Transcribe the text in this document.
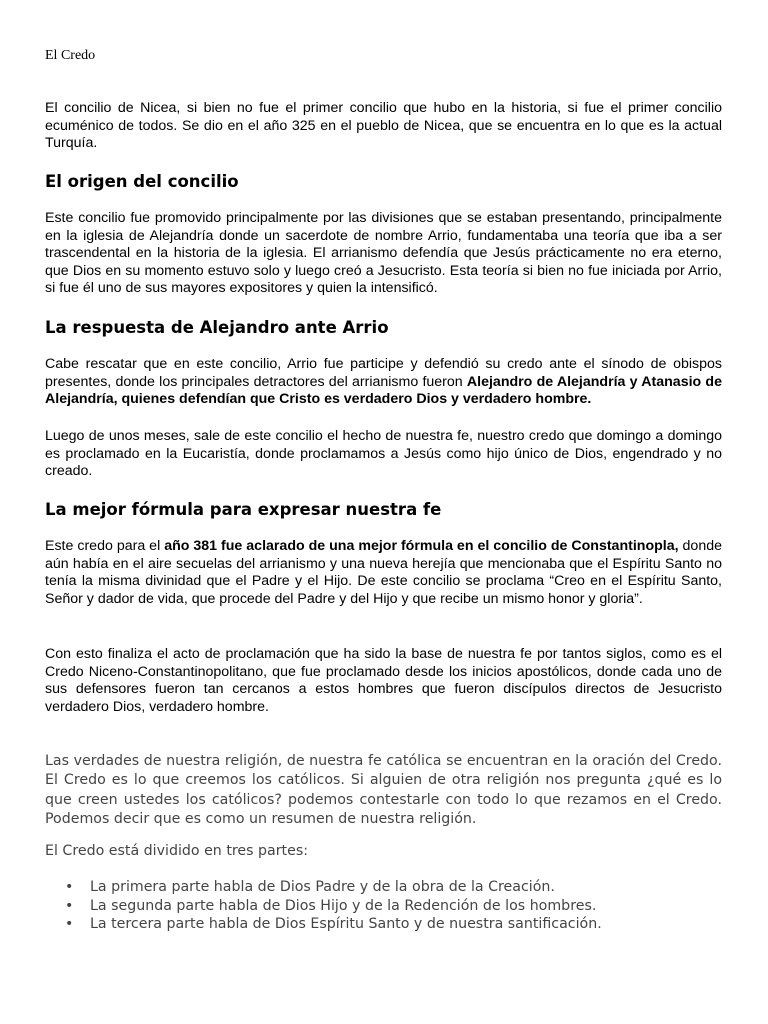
El Credo

El concilio de Nicea, si bien no fue el primer concilio que hubo en la historia, si fue el primer concilio ecuménico de todos. Se dio en el año 325 en el pueblo de Nicea, que se encuentra en lo que es la actual Turquía.

El origen del concilio

Este concilio fue promovido principalmente por las divisiones que se estaban presentando, principalmente en la iglesia de Alejandría donde un sacerdote de nombre Arrio, fundamentaba una teoría que iba a ser trascendental en la historia de la iglesia. El arrianismo defendía que Jesús prácticamente no era eterno, que Dios en su momento estuvo solo y luego creó a Jesucristo. Esta teoría si bien no fue iniciada por Arrio, si fue él uno de sus mayores expositores y quien la intensificó.

La respuesta de Alejandro ante Arrio

Cabe rescatar que en este concilio, Arrio fue participe y defendió su credo ante el sínodo de obispos presentes, donde los principales detractores del arrianismo fueron Alejandro de Alejandría y Atanasio de Alejandría, quienes defendían que Cristo es verdadero Dios y verdadero hombre.

Luego de unos meses, sale de este concilio el hecho de nuestra fe, nuestro credo que domingo a domingo es proclamado en la Eucaristía, donde proclamamos a Jesús como hijo único de Dios, engendrado y no creado.

La mejor fórmula para expresar nuestra fe

Este credo para el año 381 fue aclarado de una mejor fórmula en el concilio de Constantinopla, donde aún había en el aire secuelas del arrianismo y una nueva herejía que mencionaba que el Espíritu Santo no tenía la misma divinidad que el Padre y el Hijo. De este concilio se proclama “Creo en el Espíritu Santo, Señor y dador de vida, que procede del Padre y del Hijo y que recibe un mismo honor y gloria”.

Con esto finaliza el acto de proclamación que ha sido la base de nuestra fe por tantos siglos, como es el Credo Niceno-Constantinopolitano, que fue proclamado desde los inicios apostólicos, donde cada uno de sus defensores fueron tan cercanos a estos hombres que fueron discípulos directos de Jesucristo verdadero Dios, verdadero hombre.

Las verdades de nuestra religión, de nuestra fe católica se encuentran en la oración del Credo. El Credo es lo que creemos los católicos. Si alguien de otra religión nos pregunta ¿qué es lo que creen ustedes los católicos? podemos contestarle con todo lo que rezamos en el Credo. Podemos decir que es como un resumen de nuestra religión.

El Credo está dividido en tres partes:

• La primera parte habla de Dios Padre y de la obra de la Creación.
• La segunda parte habla de Dios Hijo y de la Redención de los hombres.
• La tercera parte habla de Dios Espíritu Santo y de nuestra santificación.
